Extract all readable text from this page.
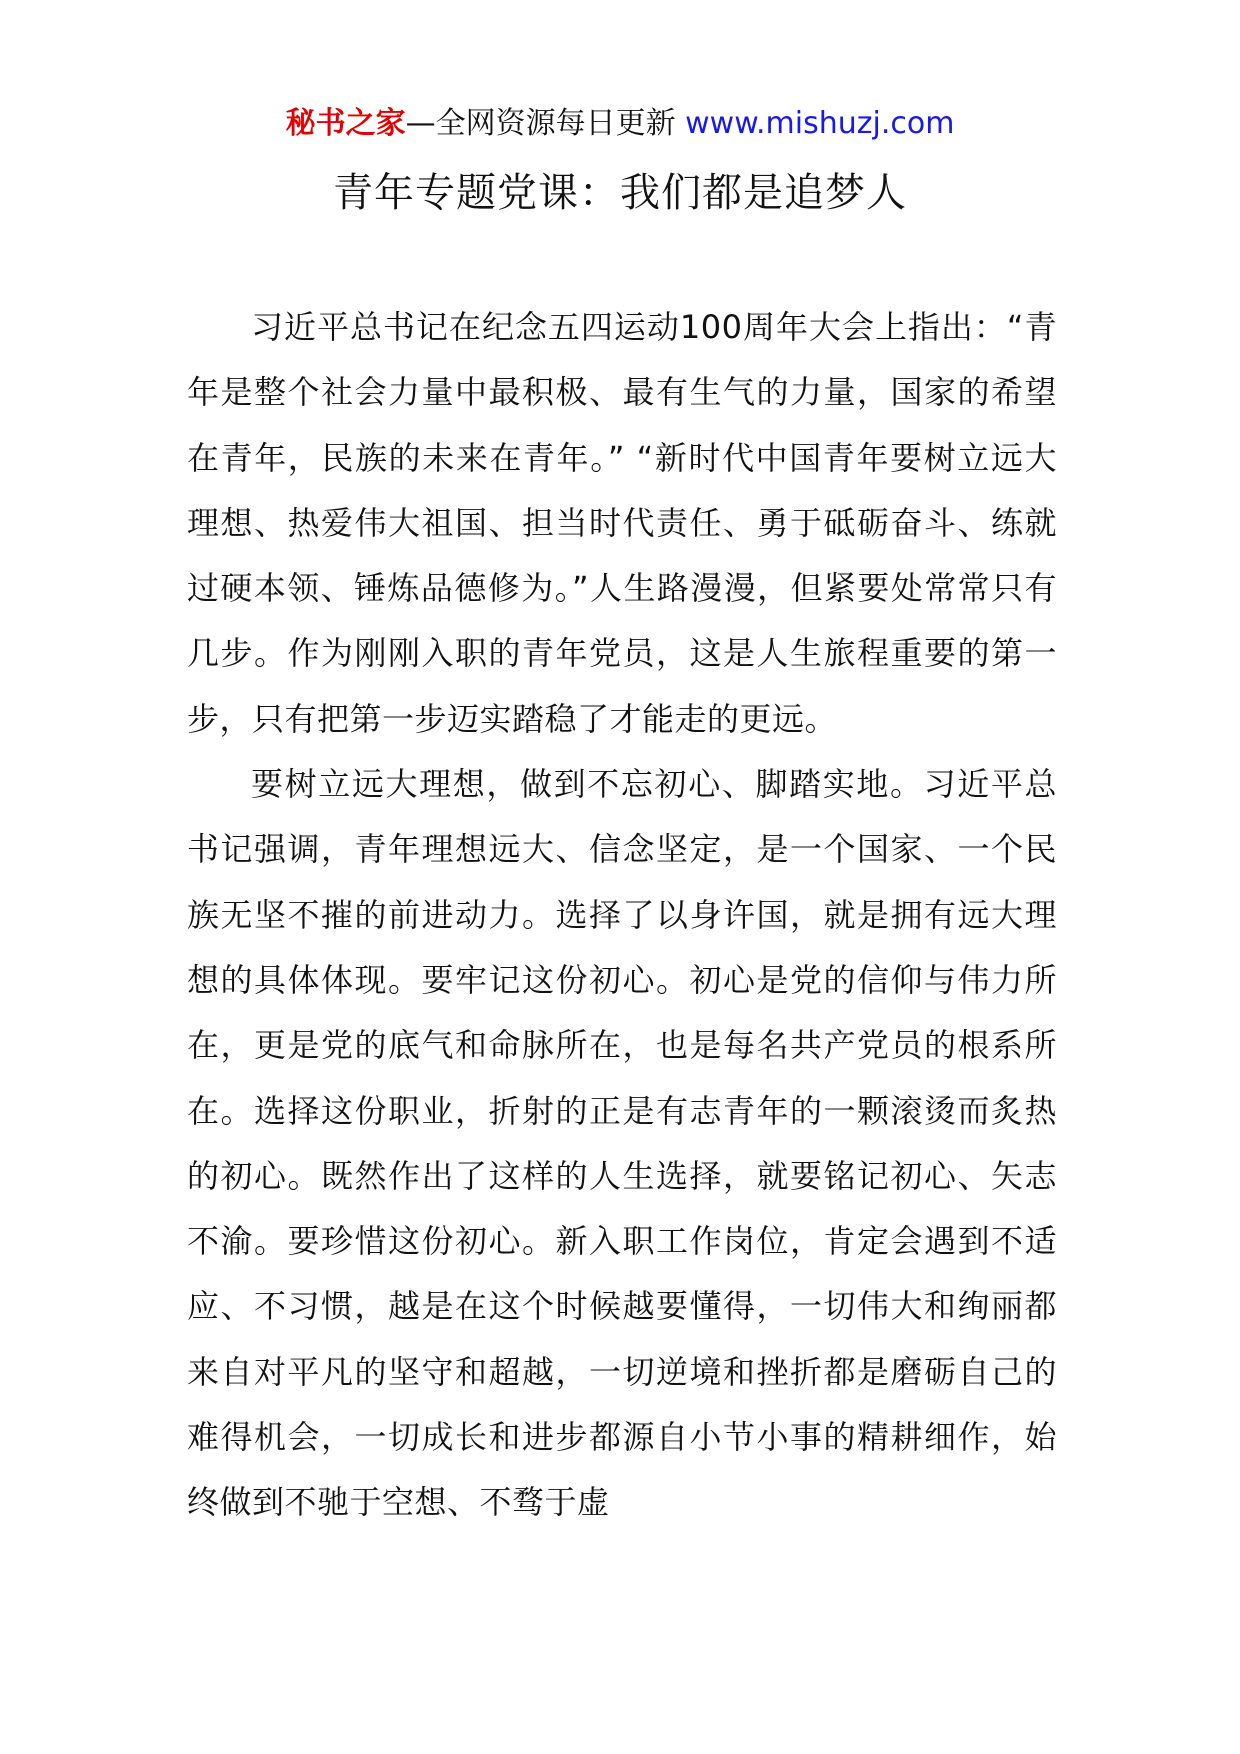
秘书之家—全网资源每日更新 www.mishuzj.com
青年专题党课：我们都是追梦人

习近平总书记在纪念五四运动100周年大会上指出：“青年是整个社会力量中最积极、最有生气的力量，国家的希望在青年，民族的未来在青年。” “新时代中国青年要树立远大理想、热爱伟大祖国、担当时代责任、勇于砥砺奋斗、练就过硬本领、锤炼品德修为。”人生路漫漫，但紧要处常常只有几步。作为刚刚入职的青年党员，这是人生旅程重要的第一步，只有把第一步迈实踏稳了才能走的更远。

要树立远大理想，做到不忘初心、脚踏实地。习近平总书记强调，青年理想远大、信念坚定，是一个国家、一个民族无坚不摧的前进动力。选择了以身许国，就是拥有远大理想的具体体现。要牢记这份初心。初心是党的信仰与伟力所在，更是党的底气和命脉所在，也是每名共产党员的根系所在。选择这份职业，折射的正是有志青年的一颗滚烫而炙热的初心。既然作出了这样的人生选择，就要铭记初心、矢志不渝。要珍惜这份初心。新入职工作岗位，肯定会遇到不适应、不习惯，越是在这个时候越要懂得，一切伟大和绚丽都来自对平凡的坚守和超越，一切逆境和挫折都是磨砺自己的难得机会，一切成长和进步都源自小节小事的精耕细作，始终做到不驰于空想、不骛于虚
